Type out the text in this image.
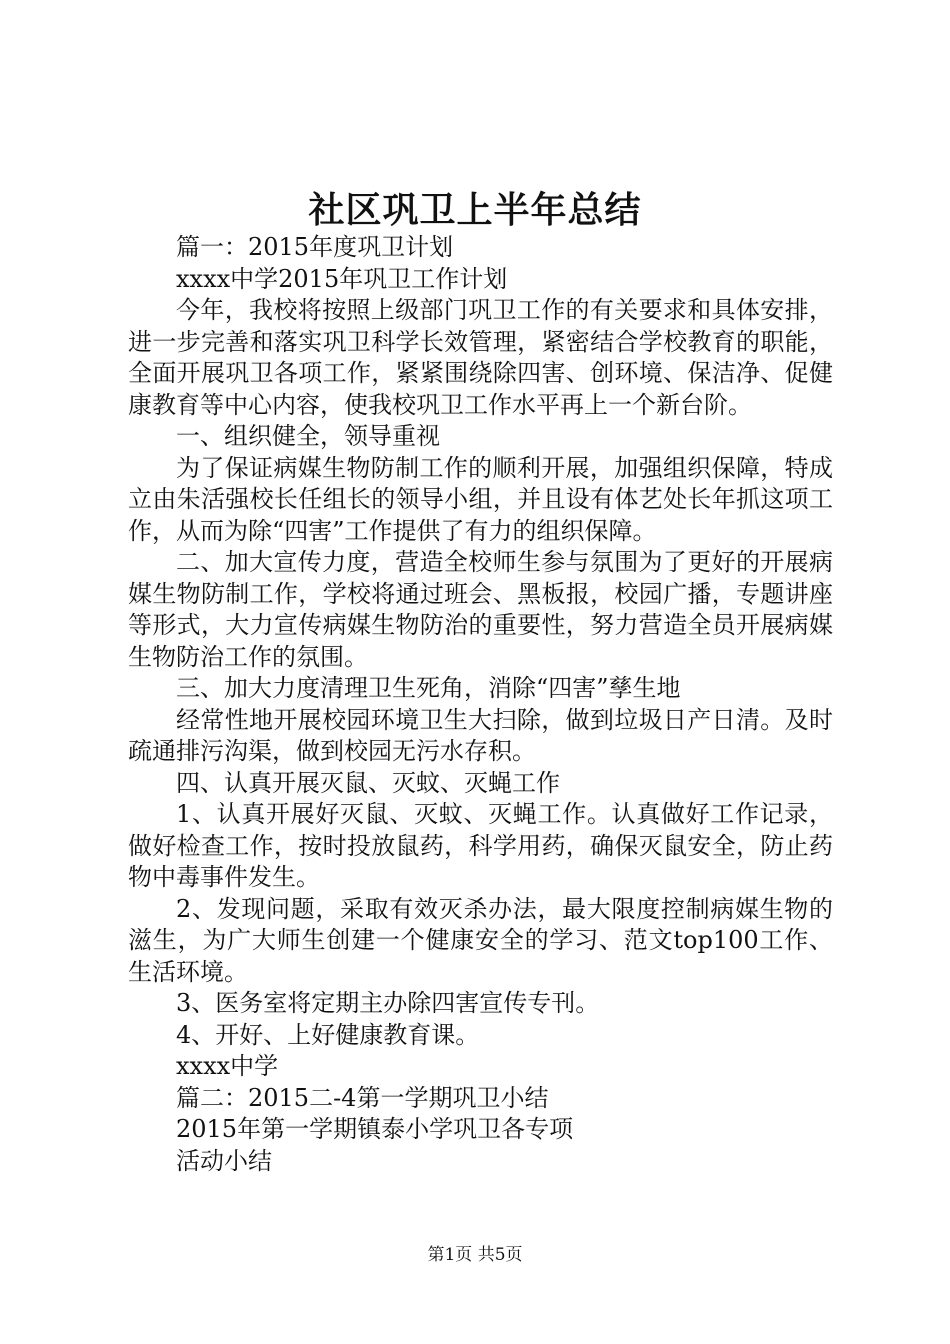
社区巩卫上半年总结

篇一：2015年度巩卫计划

xxxx中学2015年巩卫工作计划

今年，我校将按照上级部门巩卫工作的有关要求和具体安排，进一步完善和落实巩卫科学长效管理，紧密结合学校教育的职能，全面开展巩卫各项工作，紧紧围绕除四害、创环境、保洁净、促健康教育等中心内容，使我校巩卫工作水平再上一个新台阶。

一、组织健全，领导重视

为了保证病媒生物防制工作的顺利开展，加强组织保障，特成立由朱活强校长任组长的领导小组，并且设有体艺处长年抓这项工作，从而为除“四害”工作提供了有力的组织保障。

二、加大宣传力度，营造全校师生参与氛围为了更好的开展病媒生物防制工作，学校将通过班会、黑板报，校园广播，专题讲座等形式，大力宣传病媒生物防治的重要性，努力营造全员开展病媒生物防治工作的氛围。

三、加大力度清理卫生死角，消除“四害”孳生地

经常性地开展校园环境卫生大扫除，做到垃圾日产日清。及时疏通排污沟渠，做到校园无污水存积。

四、认真开展灭鼠、灭蚊、灭蝇工作

1、认真开展好灭鼠、灭蚊、灭蝇工作。认真做好工作记录，做好检查工作，按时投放鼠药，科学用药，确保灭鼠安全，防止药物中毒事件发生。

2、发现问题，采取有效灭杀办法，最大限度控制病媒生物的滋生，为广大师生创建一个健康安全的学习、范文top100工作、生活环境。

3、医务室将定期主办除四害宣传专刊。

4、开好、上好健康教育课。

xxxx中学

篇二：2015二-4第一学期巩卫小结

2015年第一学期镇泰小学巩卫各专项

活动小结

第1页 共5页
